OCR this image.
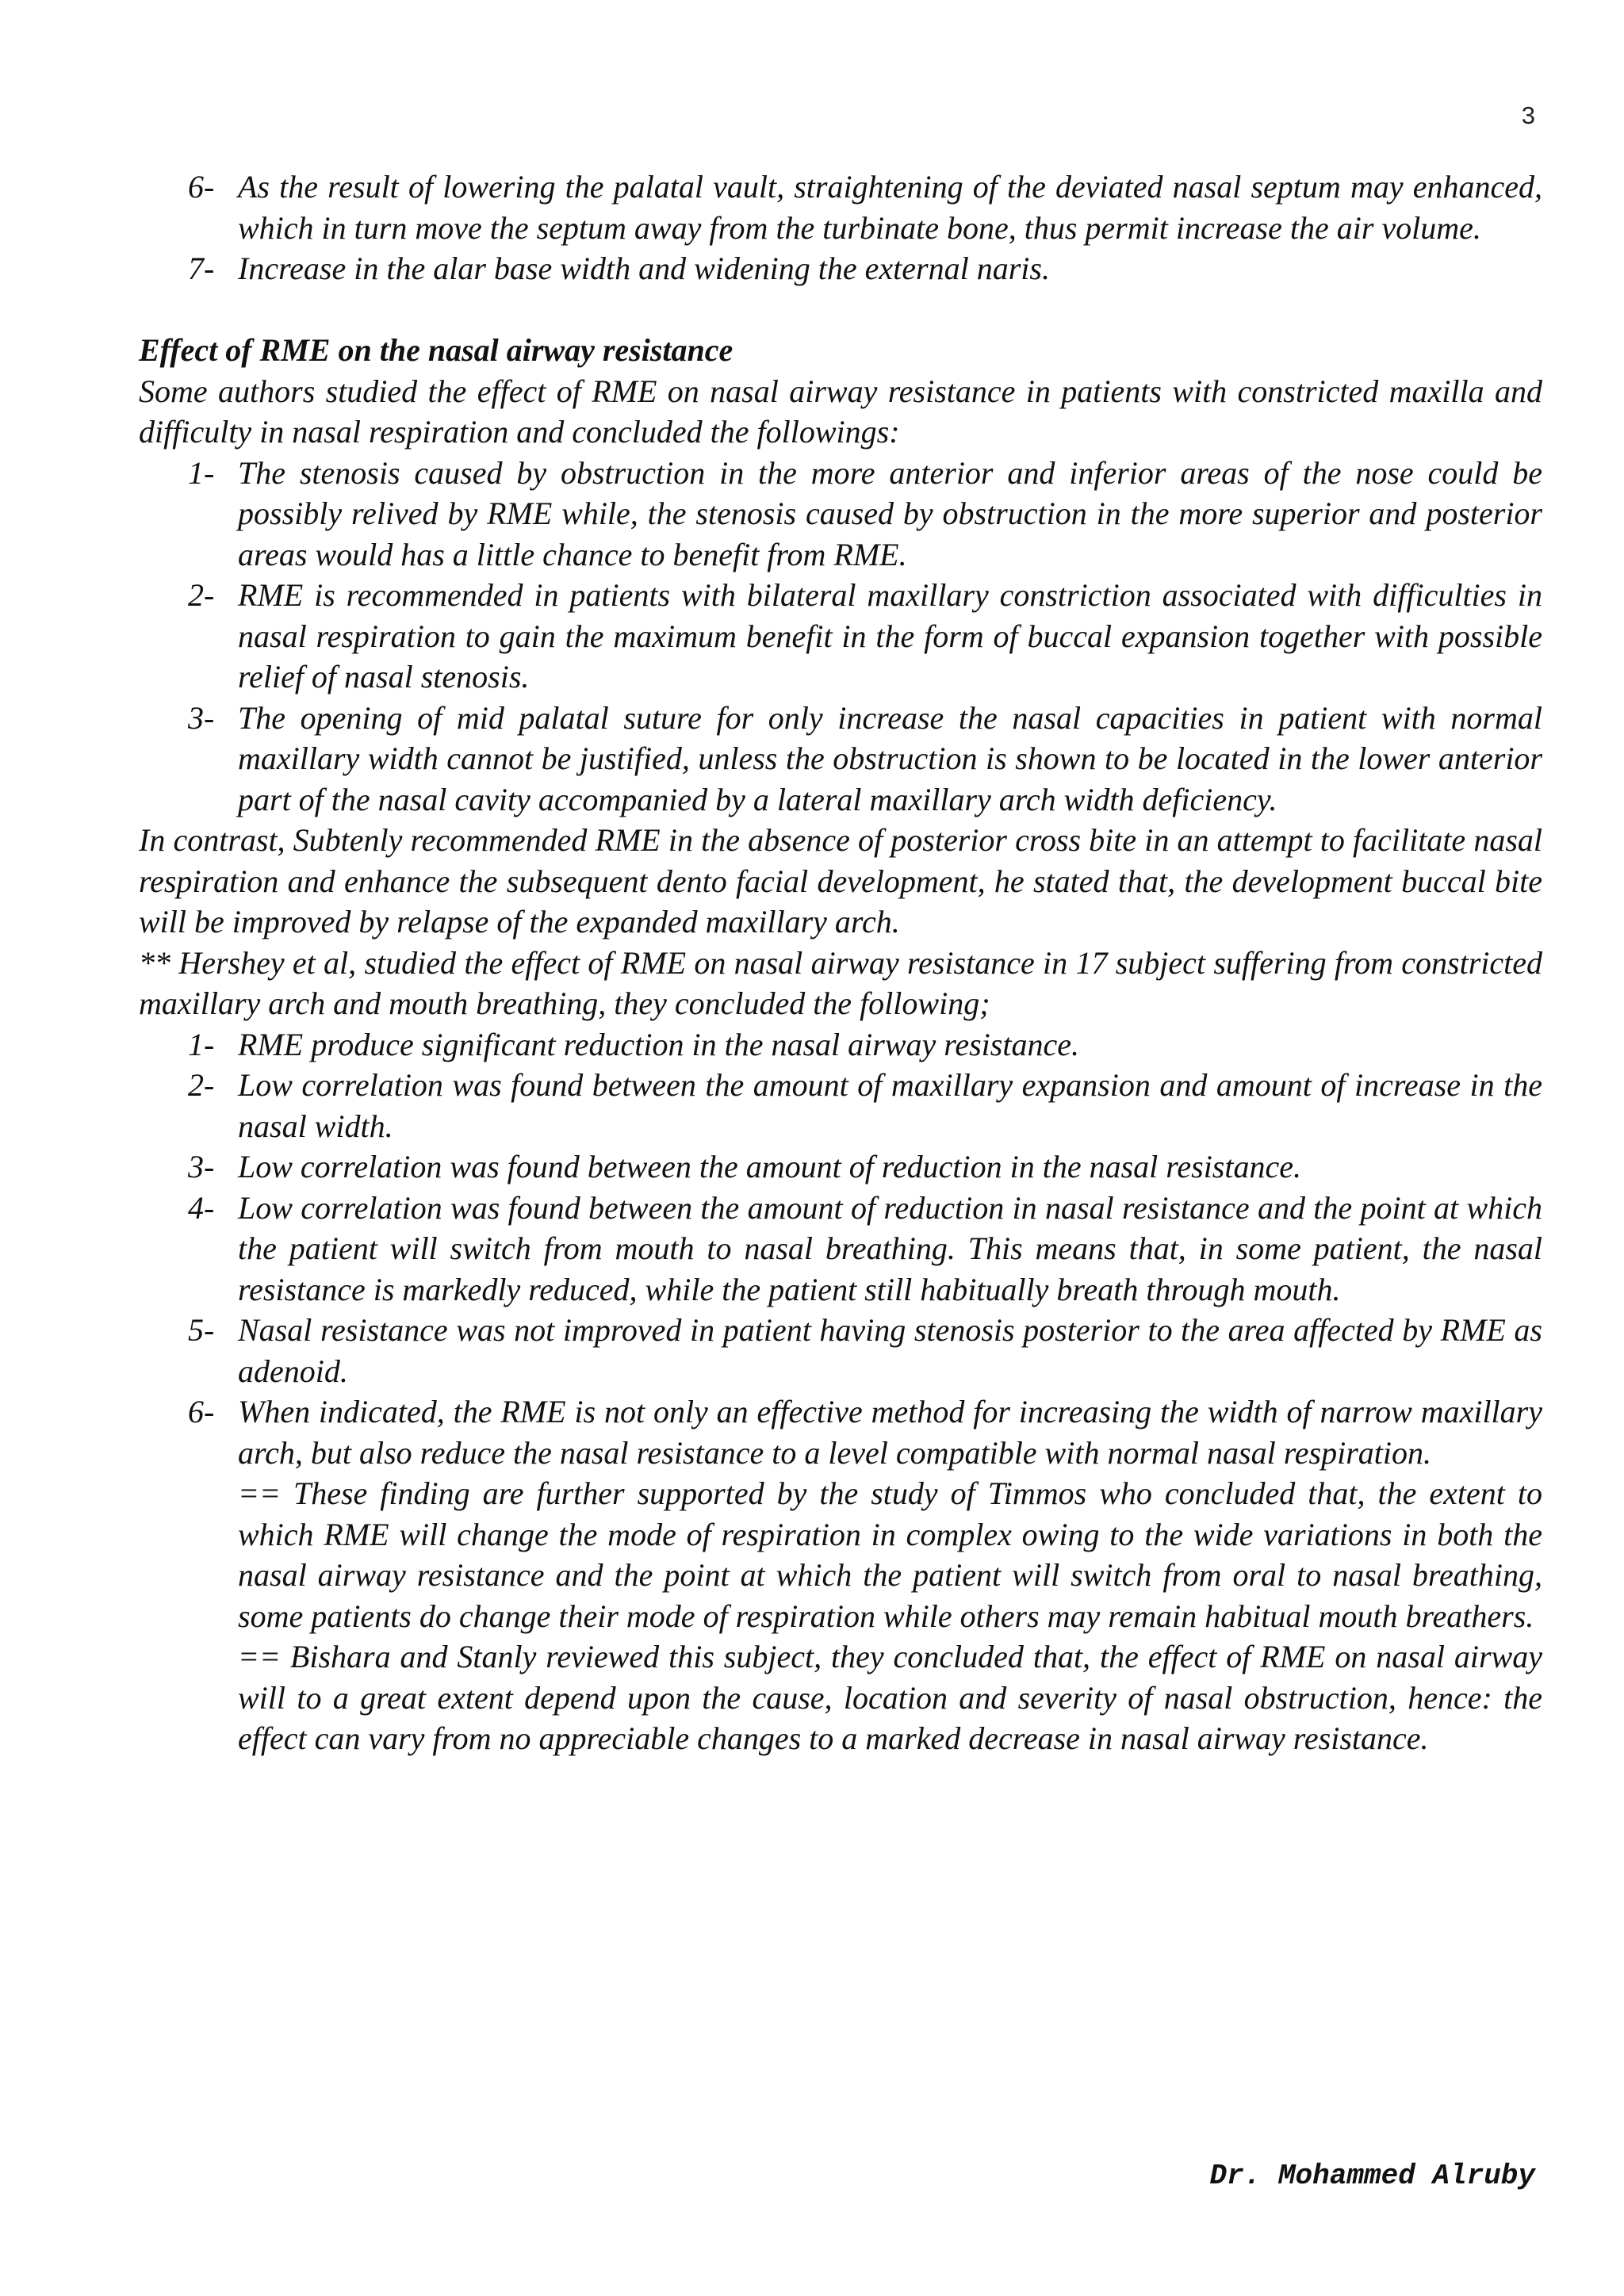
3
6- As the result of lowering the palatal vault, straightening of the deviated nasal septum may enhanced, which in turn move the septum away from the turbinate bone, thus permit increase the air volume.
7- Increase in the alar base width and widening the external naris.
Effect of RME on the nasal airway resistance
Some authors studied the effect of RME on nasal airway resistance in patients with constricted maxilla and difficulty in nasal respiration and concluded the followings:
1- The stenosis caused by obstruction in the more anterior and inferior areas of the nose could be possibly relived by RME while, the stenosis caused by obstruction in the more superior and posterior areas would has a little chance to benefit from RME.
2- RME is recommended in patients with bilateral maxillary constriction associated with difficulties in nasal respiration to gain the maximum benefit in the form of buccal expansion together with possible relief of nasal stenosis.
3- The opening of mid palatal suture for only increase the nasal capacities in patient with normal maxillary width cannot be justified, unless the obstruction is shown to be located in the lower anterior part of the nasal cavity accompanied by a lateral maxillary arch width deficiency.
In contrast, Subtenly recommended RME in the absence of posterior cross bite in an attempt to facilitate nasal respiration and enhance the subsequent dento facial development, he stated that, the development buccal bite will be improved by relapse of the expanded maxillary arch.
** Hershey et al, studied the effect of RME on nasal airway resistance in 17 subject suffering from constricted maxillary arch and mouth breathing, they concluded the following;
1- RME produce significant reduction in the nasal airway resistance.
2- Low correlation was found between the amount of maxillary expansion and amount of increase in the nasal width.
3- Low correlation was found between the amount of reduction in the nasal resistance.
4- Low correlation was found between the amount of reduction in nasal resistance and the point at which the patient will switch from mouth to nasal breathing. This means that, in some patient, the nasal resistance is markedly reduced, while the patient still habitually breath through mouth.
5- Nasal resistance was not improved in patient having stenosis posterior to the area affected by RME as adenoid.
6- When indicated, the RME is not only an effective method for increasing the width of narrow maxillary arch, but also reduce the nasal resistance to a level compatible with normal nasal respiration.
== These finding are further supported by the study of Timmos who concluded that, the extent to which RME will change the mode of respiration in complex owing to the wide variations in both the nasal airway resistance and the point at which the patient will switch from oral to nasal breathing, some patients do change their mode of respiration while others may remain habitual mouth breathers.
== Bishara and Stanly reviewed this subject, they concluded that, the effect of RME on nasal airway will to a great extent depend upon the cause, location and severity of nasal obstruction, hence: the effect can vary from no appreciable changes to a marked decrease in nasal airway resistance.
Dr. Mohammed Alruby
